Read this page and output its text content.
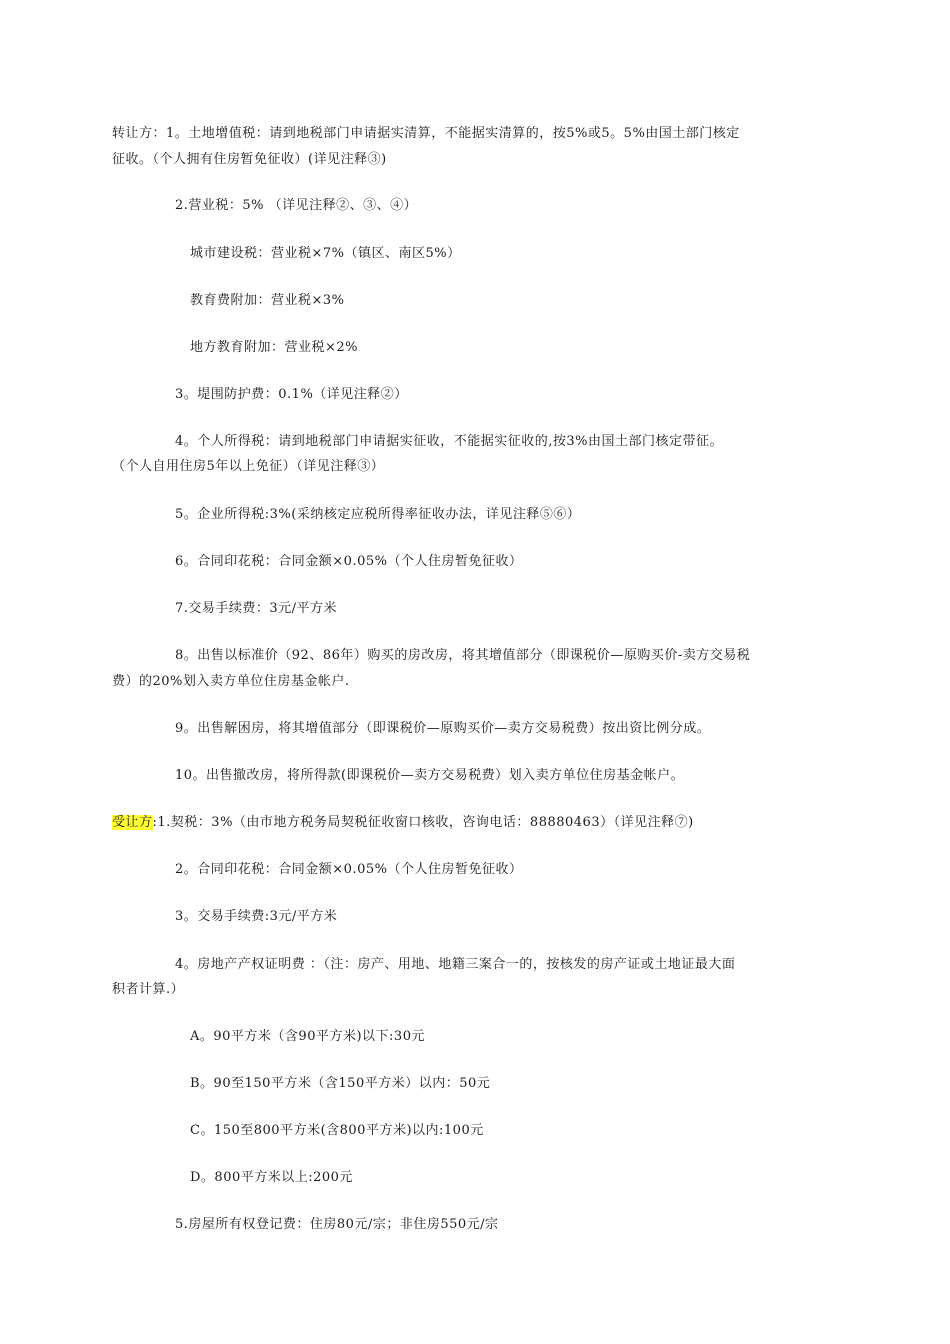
转让方：1。土地增值税：请到地税部门申请据实清算，不能据实清算的，按5%或5。5%由国土部门核定
征收。（个人拥有住房暂免征收）(详见注释③)
2.营业税：5% （详见注释②、③、④）
城市建设税：营业税×7%（镇区、南区5%）
教育费附加：营业税×3%
地方教育附加：营业税×2%
3。堤围防护费：0.1%（详见注释②）
4。个人所得税：请到地税部门申请据实征收，不能据实征收的,按3%由国土部门核定带征。
（个人自用住房5年以上免征）（详见注释③）
5。企业所得税:3%(采纳核定应税所得率征收办法，详见注释⑤⑥）
6。合同印花税：合同金额×0.05%（个人住房暂免征收）
7.交易手续费：3元/平方米
8。出售以标准价（92、86年）购买的房改房，将其增值部分（即课税价—原购买价-卖方交易税
费）的20%划入卖方单位住房基金帐户.
9。出售解困房，将其增值部分（即课税价—原购买价—卖方交易税费）按出资比例分成。
10。出售撤改房，将所得款(即课税价—卖方交易税费）划入卖方单位住房基金帐户。
受让方:1.契税：3%（由市地方税务局契税征收窗口核收，咨询电话：88880463）（详见注释⑦)
2。合同印花税：合同金额×0.05%（个人住房暂免征收）
3。交易手续费:3元/平方米
4。房地产产权证明费 ：（注：房产、用地、地籍三案合一的，按核发的房产证或土地证最大面
积者计算.）
A。90平方米（含90平方米)以下:30元
B。90至150平方米（含150平方米）以内：50元
C。150至800平方米(含800平方米)以内:100元
D。800平方米以上:200元
5.房屋所有权登记费：住房80元/宗；非住房550元/宗
